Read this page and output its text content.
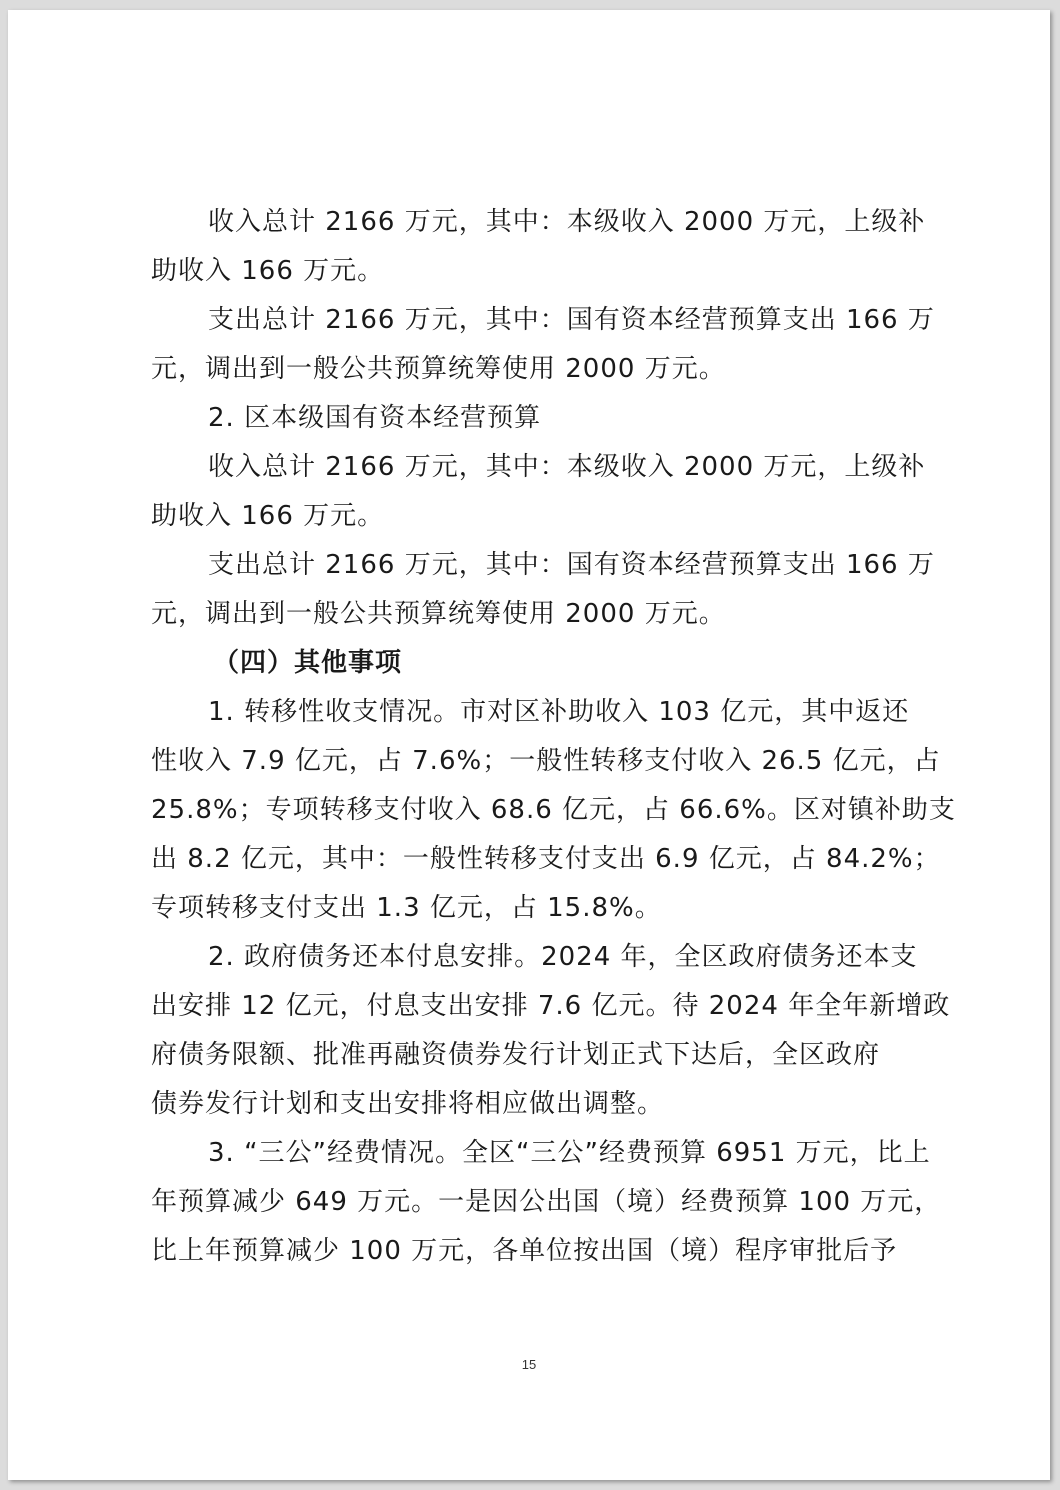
收入总计 2166 万元，其中：本级收入 2000 万元，上级补
助收入 166 万元。
支出总计 2166 万元，其中：国有资本经营预算支出 166 万
元，调出到一般公共预算统筹使用 2000 万元。
2. 区本级国有资本经营预算
收入总计 2166 万元，其中：本级收入 2000 万元，上级补
助收入 166 万元。
支出总计 2166 万元，其中：国有资本经营预算支出 166 万
元，调出到一般公共预算统筹使用 2000 万元。
（四）其他事项
1. 转移性收支情况。市对区补助收入 103 亿元，其中返还
性收入 7.9 亿元，占 7.6%；一般性转移支付收入 26.5 亿元，占
25.8%；专项转移支付收入 68.6 亿元，占 66.6%。区对镇补助支
出 8.2 亿元，其中：一般性转移支付支出 6.9 亿元，占 84.2%；
专项转移支付支出 1.3 亿元，占 15.8%。
2. 政府债务还本付息安排。2024 年，全区政府债务还本支
出安排 12 亿元，付息支出安排 7.6 亿元。待 2024 年全年新增政
府债务限额、批准再融资债券发行计划正式下达后，全区政府
债券发行计划和支出安排将相应做出调整。
3. “三公”经费情况。全区“三公”经费预算 6951 万元，比上
年预算减少 649 万元。一是因公出国（境）经费预算 100 万元，
比上年预算减少 100 万元，各单位按出国（境）程序审批后予
15
